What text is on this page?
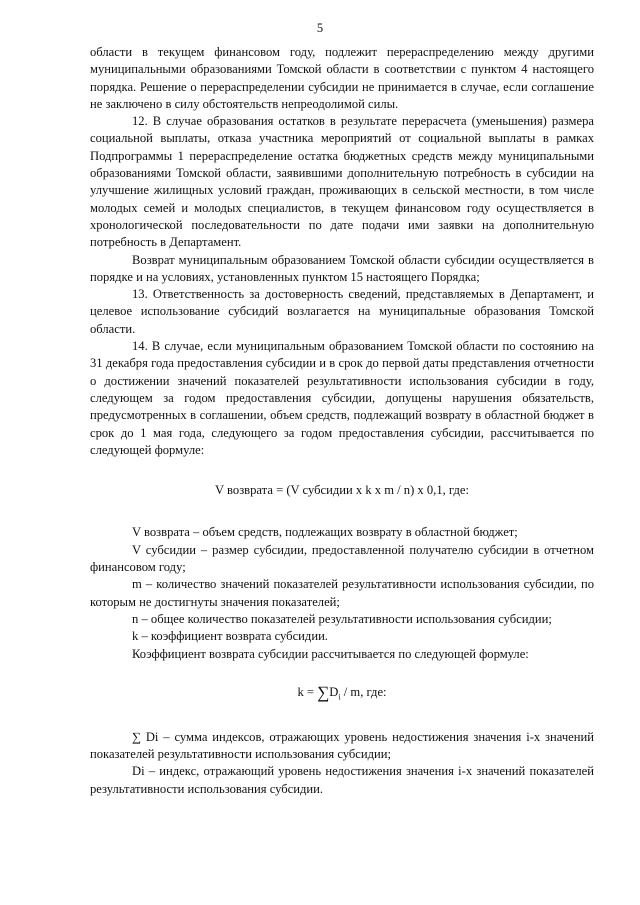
5

области в текущем финансовом году, подлежит перераспределению между другими муниципальными образованиями Томской области в соответствии с пунктом 4 настоящего порядка. Решение о перераспределении субсидии не принимается в случае, если соглашение не заключено в силу обстоятельств непреодолимой силы.

12. В случае образования остатков в результате перерасчета (уменьшения) размера социальной выплаты, отказа участника мероприятий от социальной выплаты в рамках Подпрограммы 1 перераспределение остатка бюджетных средств между муниципальными образованиями Томской области, заявившими дополнительную потребность в субсидии на улучшение жилищных условий граждан, проживающих в сельской местности, в том числе молодых семей и молодых специалистов, в текущем финансовом году осуществляется в хронологической последовательности по дате подачи ими заявки на дополнительную потребность в Департамент.

Возврат муниципальным образованием Томской области субсидии осуществляется в порядке и на условиях, установленных пунктом 15 настоящего Порядка;

13. Ответственность за достоверность сведений, представляемых в Департамент, и целевое использование субсидий возлагается на муниципальные образования Томской области.

14. В случае, если муниципальным образованием Томской области по состоянию на 31 декабря года предоставления субсидии и в срок до первой даты представления отчетности о достижении значений показателей результативности использования субсидии в году, следующем за годом предоставления субсидии, допущены нарушения обязательств, предусмотренных в соглашении, объем средств, подлежащий возврату в областной бюджет в срок до 1 мая года, следующего за годом предоставления субсидии, рассчитывается по следующей формуле:

V возврата = (V субсидии x k x m / n) x 0,1, где:

V возврата – объем средств, подлежащих возврату в областной бюджет;

V субсидии – размер субсидии, предоставленной получателю субсидии в отчетном финансовом году;

m – количество значений показателей результативности использования субсидии, по которым не достигнуты значения показателей;

n – общее количество показателей результативности использования субсидии;

k – коэффициент возврата субсидии.

Коэффициент возврата субсидии рассчитывается по следующей формуле:

$k = \sum D_i / m$, где:

∑ Di – сумма индексов, отражающих уровень недостижения значения i-х значений показателей результативности использования субсидии;

Di – индекс, отражающий уровень недостижения значения i-х значений показателей результативности использования субсидии.
